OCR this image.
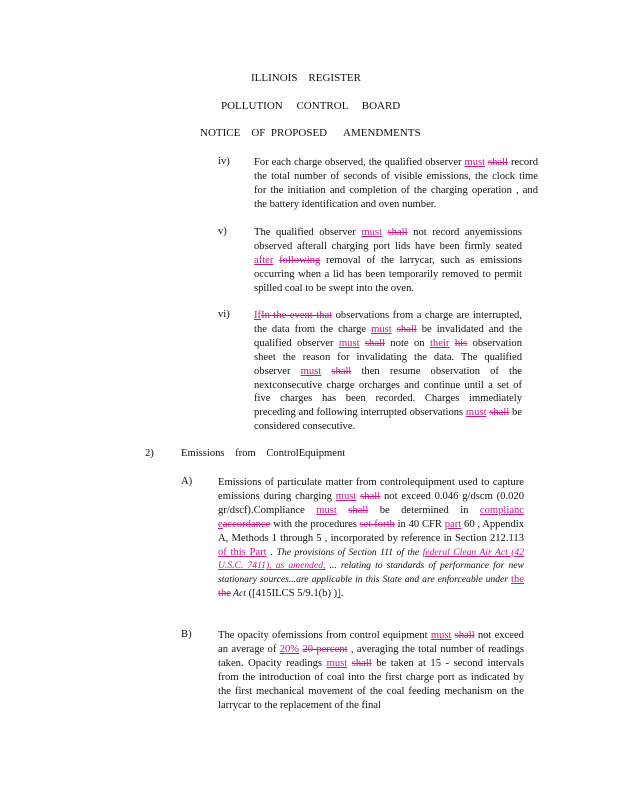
ILLINOIS    REGISTER
POLLUTION     CONTROL     BOARD
NOTICE    OF  PROPOSED      AMENDMENTS
iv) For each charge observed, the qualified observer must shall record the total number of seconds of visible emissions, the clock time for the initiation and completion of the charging operation , and the battery identification and oven number.
v)	The qualified observer must shall not record anyemissions observed afterall charging port lids have been firmly seated after following removal of the larrycar, such as emissions occurring when a lid has been temporarily removed to permit spilled coal to be swept into the oven.
vi) IfIn the event that observations from a charge are interrupted, the data from the charge must shall be invalidated and the qualified observer must shall note on their his observation sheet the reason for invalidating the data. The qualified observer must shall then resume observation of the nextconsecutive charge orcharges and continue until a set of five charges has been recorded. Charges immediately preceding and following interrupted observations must shall be considered consecutive.
2)	Emissions    from    ControlEquipment
A) Emissions of particulate matter from controlequipment used to capture emissions during charging must shall not exceed 0.046 g/dscm (0.020 gr/dscf).Compliance must shall be determined in complianc eaccordance with the procedures set forth in 40 CFR part 60 , Appendix A, Methods 1 through 5 , incorporated by reference in Section 212.113 of this Part . The provisions of Section 111 of the federal Clean Air Act (42 U.S.C. 7411), as amended, ... relating to standards of performance for new stationary sources...are applicable in this State and are enforceable under the the Act ([415ILCS 5/9.1(b) )].
B) The opacity ofemissions from control equipment must shall not exceed an average of 20% 20 percent , averaging the total number of readings taken. Opacity readings must shall be taken at 15 - second intervals from the introduction of coal into the first charge port as indicated by the first mechanical movement of the coal feeding mechanism on the larrycar to the replacement of the final
